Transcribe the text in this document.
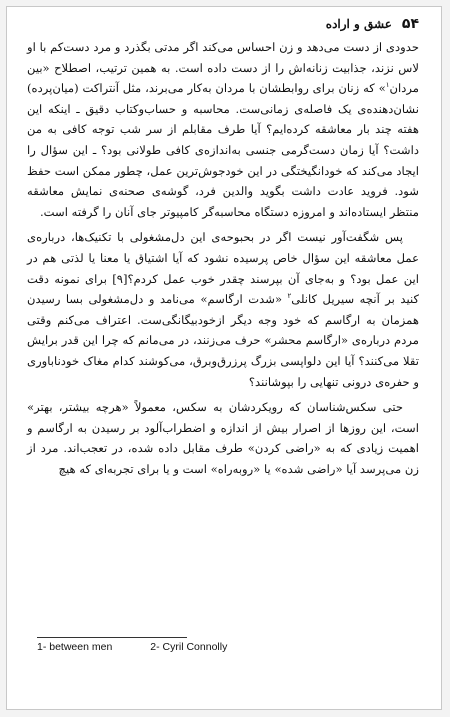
۵۴
عشق و اراده

حدودی از دست می‌دهد و زن احساس می‌کند اگر مدتی بگذرد و مرد دست‌کم با او لاس نزند، جذابیت زنانه‌اش را از دست داده است. به همین ترتیب، اصطلاح «بین مردان$^۱$» که زنان برای روابطشان با مردان به‌کار می‌برند، مثل آنتراکت (میان‌پرده) نشان‌دهنده‌ی یک فاصله‌ی زمانی‌ست. محاسبه و حساب‌وکتاب دقیق ـ اینکه این هفته چند بار معاشقه کرده‌ایم؟ آیا طرف مقابلم از سر شب توجه کافی به من داشت؟ آیا زمان دست‌گرمی جنسی به‌اندازه‌ی کافی طولانی بود؟ ـ این سؤال را ایجاد می‌کند که خودانگیختگی در این خودجوش‌ترین عمل، چطور ممکن است حفظ شود. فروید عادت داشت بگوید والدین فرد، گوشه‌ی صحنه‌ی نمایش معاشقه منتظر ایستاده‌اند و امروزه دستگاه محاسبه‌گر کامپیوتر جای آنان را گرفته است.

پس شگفت‌آور نیست اگر در بحبوحه‌ی این دل‌مشغولی با تکنیک‌ها، درباره‌ی عمل معاشقه این سؤال خاص پرسیده نشود که آیا اشتیاق یا معنا یا لذتی هم در این عمل بود؟ و به‌جای آن بپرسند چقدر خوب عمل کردم؟[۹] برای نمونه دقت کنید بر آنچه سیریل کانلی$^۲$ «شدت ارگاسم» می‌نامد و دل‌مشغولی بسا رسیدن همزمان به ارگاسم که خود وجه دیگر ازخودبیگانگی‌ست. اعتراف می‌کنم وقتی مردم درباره‌ی «ارگاسم محشر» حرف می‌زنند، در می‌مانم که چرا این قدر برایش تقلا می‌کنند؟ آیا این دلواپسی بزرگ پرزرق‌وبرق، می‌کوشند کدام مغاک خودناباوری و حفره‌ی درونی تنهایی را بپوشانند؟

حتی سکس‌شناسان که رویکردشان به سکس، معمولاً «هرچه بیشتر، بهتر» است، این روزها از اصرار بیش از اندازه و اضطراب‌آلود بر رسیدن به ارگاسم و اهمیت زیادی که به «راضی کردن» طرف مقابل داده شده، در تعجب‌اند. مرد از زن می‌پرسد آیا «راضی شده» یا «روبه‌راه» است و یا برای تجربه‌ای که هیچ

1- between men	2- Cyril Connolly
